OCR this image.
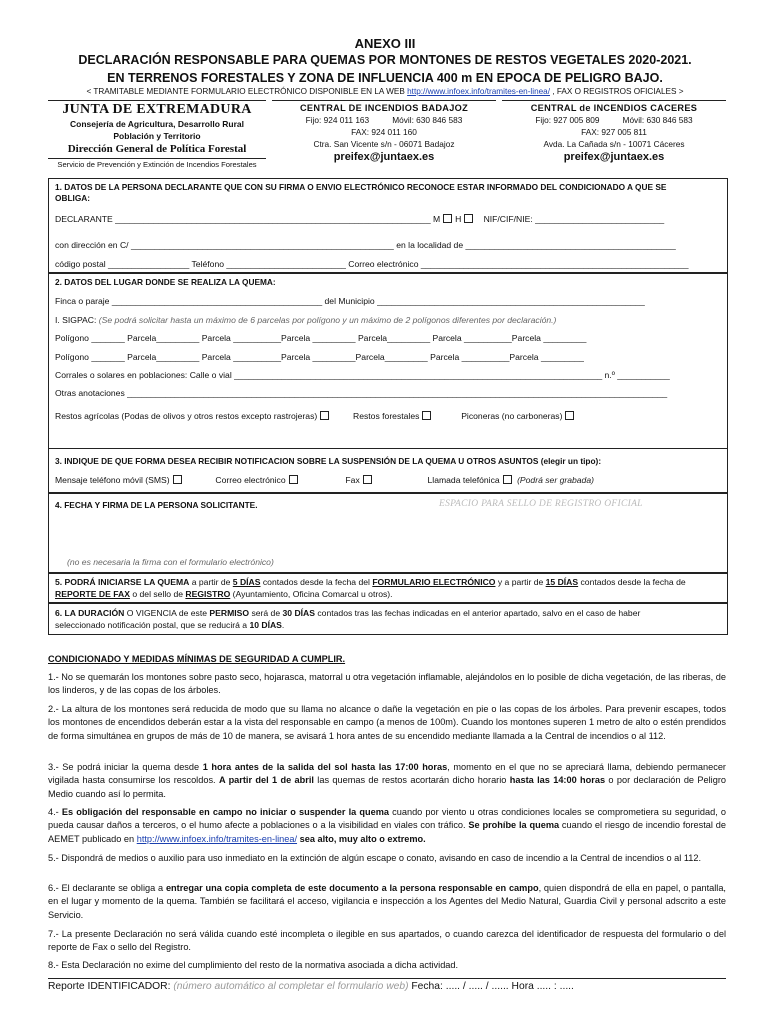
ANEXO III
DECLARACIÓN RESPONSABLE PARA QUEMAS POR MONTONES DE RESTOS VEGETALES 2020-2021.
EN TERRENOS FORESTALES Y ZONA DE INFLUENCIA 400 m EN EPOCA DE PELIGRO BAJO.
< TRAMITABLE MEDIANTE FORMULARIO ELECTRÓNICO DISPONIBLE EN LA WEB http://www.infoex.info/tramites-en-linea/ , FAX O REGISTROS OFICIALES >
JUNTA DE EXTREMADURA
Consejería de Agricultura, Desarrollo Rural
Población y Territorio
Dirección General de Política Forestal
Servicio de Prevención y Extinción de Incendios Forestales
CENTRAL DE INCENDIOS BADAJOZ
Fijo: 924 011 163          Móvil: 630 846 583
FAX: 924 011 160
Ctra. San Vicente s/n - 06071 Badajoz
preifex@juntaex.es
CENTRAL de INCENDIOS CACERES
Fijo: 927 005 809          Móvil: 630 846 583
FAX: 927 005 811
Avda. La Cañada s/n - 10071 Cáceres
preifex@juntaex.es
1. DATOS DE LA PERSONA DECLARANTE QUE CON SU FIRMA O ENVIO ELECTRÓNICO RECONOCE ESTAR INFORMADO DEL CONDICIONADO A QUE SE
OBLIGA:
DECLARANTE __________________________________________________________________ M H	NIF/CIF/NIE: ___________________________
con dirección en C/ _______________________________________________________ en la localidad de ____________________________________________
código postal _________________ Teléfono _________________________ Correo electrónico ________________________________________________________
2. DATOS DEL LUGAR DONDE SE REALIZA LA QUEMA:
Finca o paraje ____________________________________________ del Municipio ________________________________________________________
I. SIGPAC: (Se podrá solicitar hasta un máximo de 6 parcelas por polígono y un máximo de 2 polígonos diferentes por declaración.)
Polígono _______ Parcela_________ Parcela __________Parcela _________ Parcela_________ Parcela __________Parcela _________
Polígono _______ Parcela_________ Parcela __________Parcela _________Parcela_________ Parcela __________Parcela _________
Corrales o solares en poblaciones: Calle o vial _____________________________________________________________________________ n.º ___________
Otras anotaciones _________________________________________________________________________________________________________________
Restos agrícolas (Podas de olivos y otros restos excepto rastrojeras)	Restos forestales	Piconeras (no carboneras)
3. INDIQUE DE QUE FORMA DESEA RECIBIR NOTIFICACION SOBRE LA SUSPENSIÓN DE LA QUEMA U OTROS ASUNTOS (elegir un tipo):
Mensaje teléfono móvil (SMS)	Correo electrónico	Fax	Llamada telefónica (Podrá ser grabada)
4. FECHA Y FIRMA DE LA PERSONA SOLICITANTE.	ESPACIO PARA SELLO DE REGISTRO OFICIAL
(no es necesaria la firma con el formulario electrónico)
5. PODRÁ INICIARSE LA QUEMA a partir de 5 DÍAS contados desde la fecha del FORMULARIO ELECTRÓNICO y a partir de 15 DÍAS contados desde la fecha de
REPORTE DE FAX o del sello de REGISTRO (Ayuntamiento, Oficina Comarcal u otros).
6. LA DURACIÓN O VIGENCIA de este PERMISO será de 30 DÍAS contados tras las fechas indicadas en el anterior apartado, salvo en el caso de haber
seleccionado notificación postal, que se reducirá a 10 DÍAS.
CONDICIONADO Y MEDIDAS MÍNIMAS DE SEGURIDAD A CUMPLIR.
1.- No se quemarán los montones sobre pasto seco, hojarasca, matorral u otra vegetación inflamable, alejándolos en lo posible de dicha vegetación, de las riberas, de los linderos, y de las copas de los árboles.
2.- La altura de los montones será reducida de modo que su llama no alcance o dañe la vegetación en pie o las copas de los árboles. Para prevenir escapes, todos los montones de encendidos deberán estar a la vista del responsable en campo (a menos de 100m). Cuando los montones superen 1 metro de alto o estén prendidos de forma simultánea en grupos de más de 10 de manera, se avisará 1 hora antes de su encendido mediante llamada a la Central de incendios o al 112.
3.- Se podrá iniciar la quema desde 1 hora antes de la salida del sol hasta las 17:00 horas, momento en el que no se apreciará llama, debiendo permanecer vigilada hasta consumirse los rescoldos. A partir del 1 de abril las quemas de restos acortarán dicho horario hasta las 14:00 horas o por declaración de Peligro Medio cuando así lo permita.
4.- Es obligación del responsable en campo no iniciar o suspender la quema cuando por viento u otras condiciones locales se comprometiera su seguridad, o pueda causar daños a terceros, o el humo afecte a poblaciones o a la visibilidad en viales con tráfico. Se prohíbe la quema cuando el riesgo de incendio forestal de AEMET publicado en http://www.infoex.info/tramites-en-linea/ sea alto, muy alto o extremo.
5.- Dispondrá de medios o auxilio para uso inmediato en la extinción de algún escape o conato, avisando en caso de incendio a la Central de incendios o al 112.
6.- El declarante se obliga a entregar una copia completa de este documento a la persona responsable en campo, quien dispondrá de ella en papel, o pantalla, en el lugar y momento de la quema. También se facilitará el acceso, vigilancia e inspección a los Agentes del Medio Natural, Guardia Civil y personal adscrito a este Servicio.
7.- La presente Declaración no será válida cuando esté incompleta o ilegible en sus apartados, o cuando carezca del identificador de respuesta del formulario o del reporte de Fax o sello del Registro.
8.- Esta Declaración no exime del cumplimiento del resto de la normativa asociada a dicha actividad.
Reporte IDENTIFICADOR: (número automático al completar el formulario web) Fecha: ..... / ..... / ...... Hora ..... : .....
